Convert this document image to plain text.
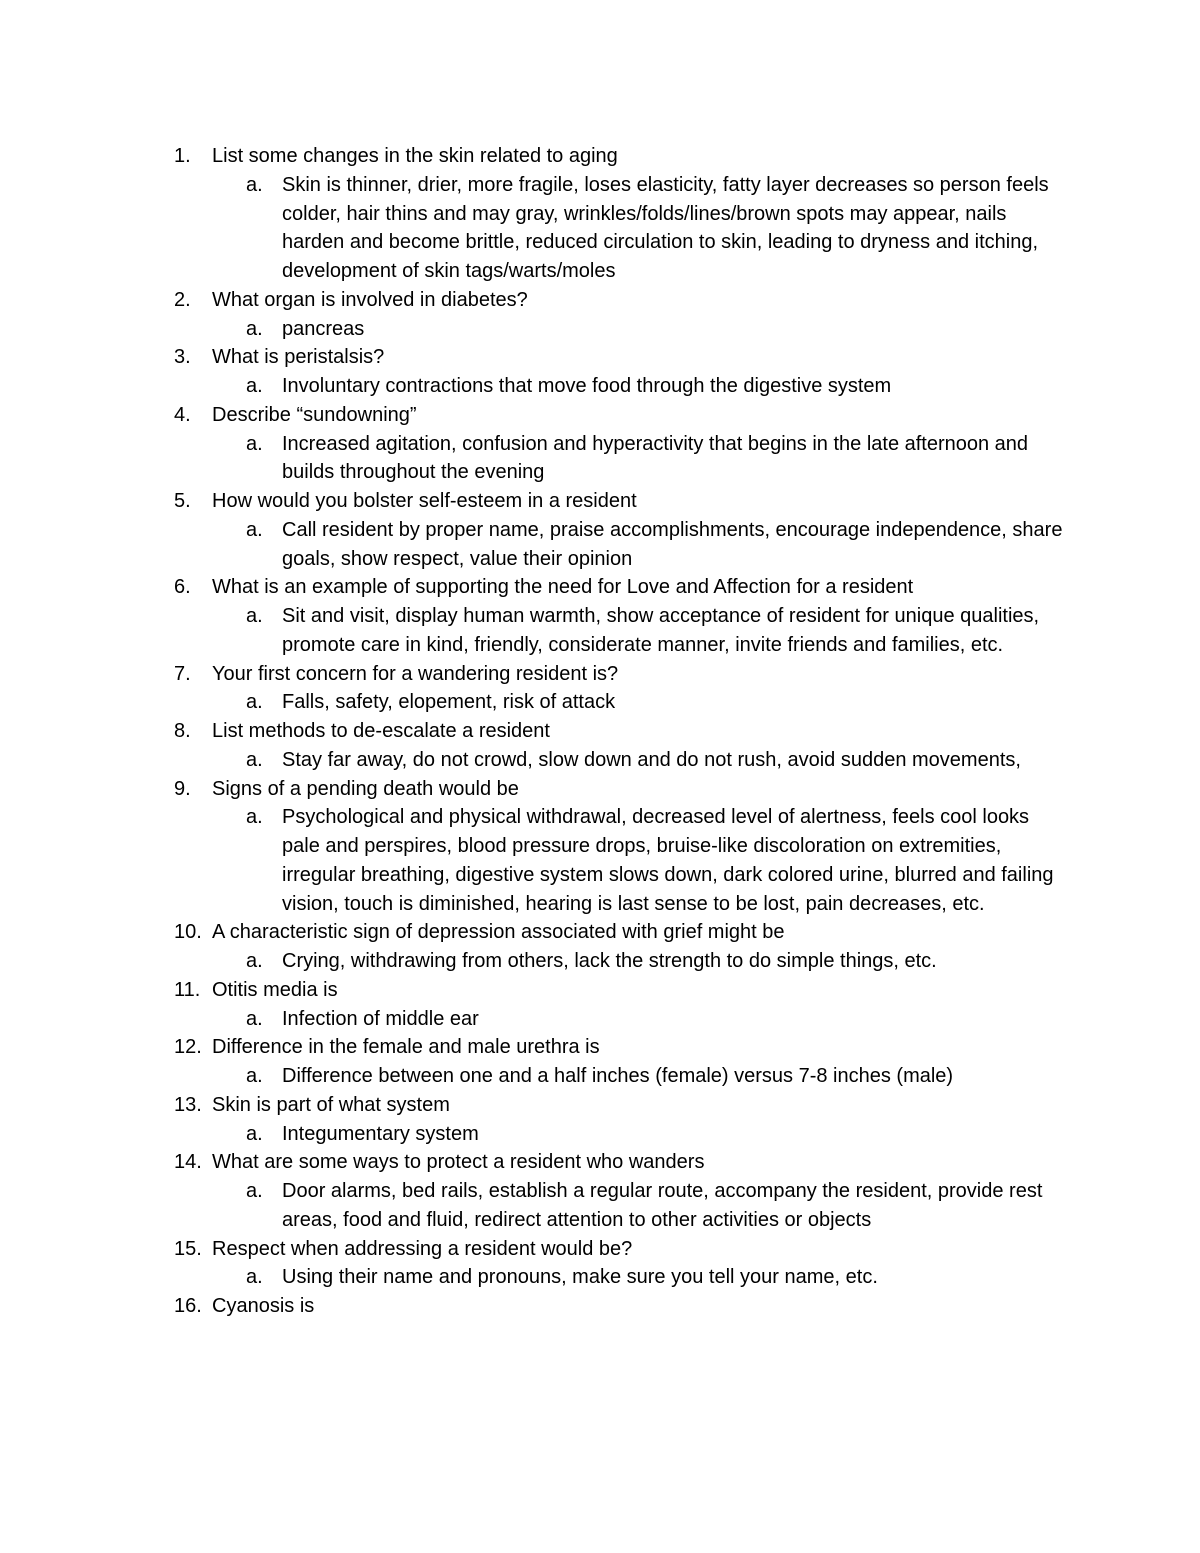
1.	List some changes in the skin related to aging
a. Skin is thinner, drier, more fragile, loses elasticity, fatty layer decreases so person feels colder, hair thins and may gray, wrinkles/folds/lines/brown spots may appear, nails harden and become brittle, reduced circulation to skin, leading to dryness and itching, development of skin tags/warts/moles
2.	What organ is involved in diabetes?
a. pancreas
3.	What is peristalsis?
a. Involuntary contractions that move food through the digestive system
4.	Describe “sundowning”
a. Increased agitation, confusion and hyperactivity that begins in the late afternoon and builds throughout the evening
5.	How would you bolster self-esteem in a resident
a. Call resident by proper name, praise accomplishments, encourage independence, share goals, show respect, value their opinion
6.	What is an example of supporting the need for Love and Affection for a resident
a. Sit and visit, display human warmth, show acceptance of resident for unique qualities, promote care in kind, friendly, considerate manner, invite friends and families, etc.
7.	Your first concern for a wandering resident is?
a. Falls, safety, elopement, risk of attack
8.	List methods to de-escalate a resident
a. Stay far away, do not crowd, slow down and do not rush, avoid sudden movements,
9.	Signs of a pending death would be
a. Psychological and physical withdrawal, decreased level of alertness, feels cool looks pale and perspires, blood pressure drops, bruise-like discoloration on extremities, irregular breathing, digestive system slows down, dark colored urine, blurred and failing vision, touch is diminished, hearing is last sense to be lost, pain decreases, etc.
10. A characteristic sign of depression associated with grief might be
a. Crying, withdrawing from others, lack the strength to do simple things, etc.
11. Otitis media is
a. Infection of middle ear
12. Difference in the female and male urethra is
a. Difference between one and a half inches (female) versus 7-8 inches (male)
13. Skin is part of what system
a. Integumentary system
14. What are some ways to protect a resident who wanders
a. Door alarms, bed rails, establish a regular route, accompany the resident, provide rest areas, food and fluid, redirect attention to other activities or objects
15. Respect when addressing a resident would be?
a. Using their name and pronouns, make sure you tell your name, etc.
16. Cyanosis is
